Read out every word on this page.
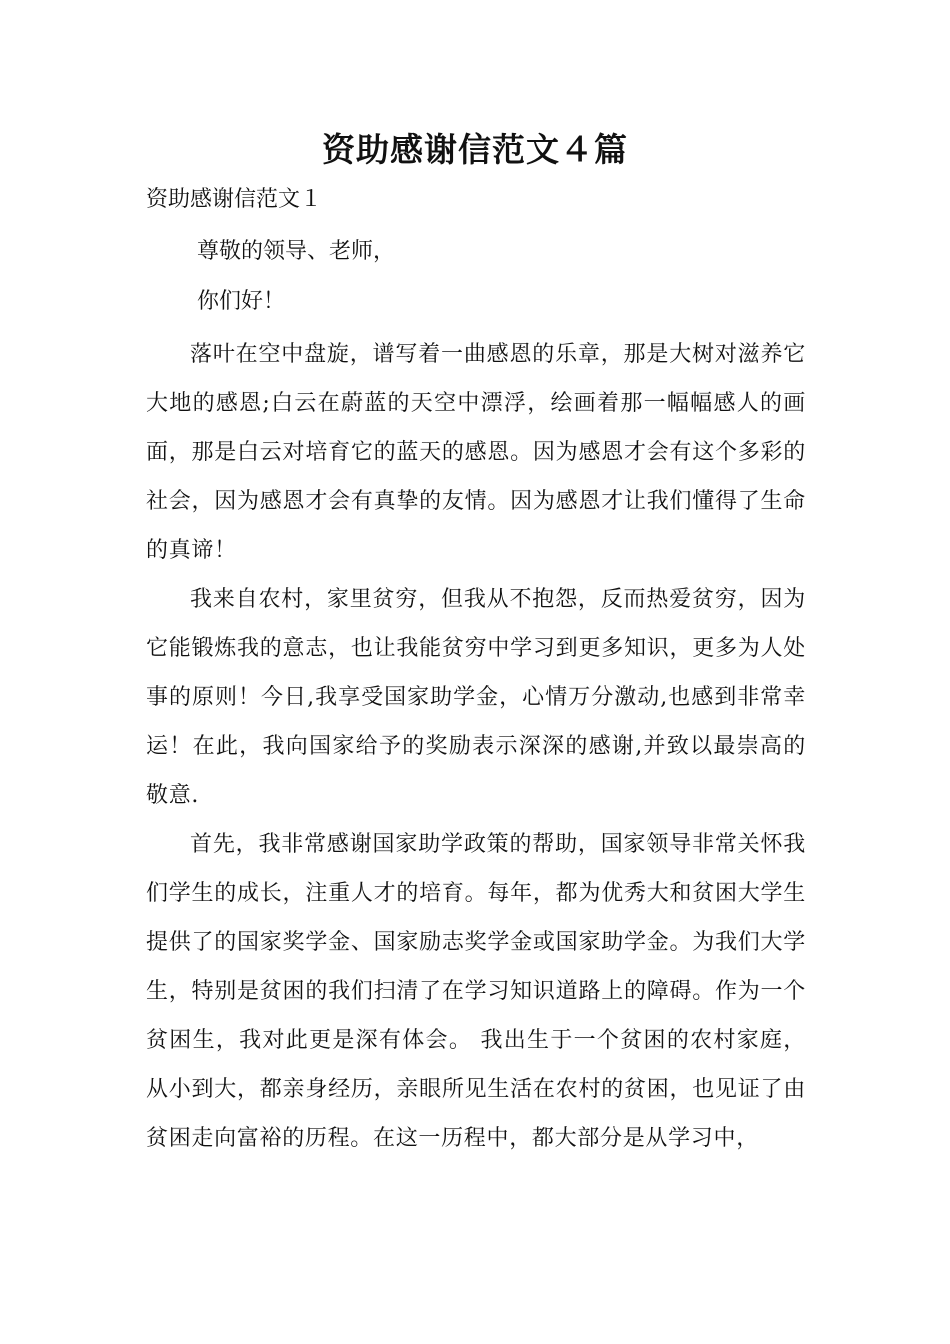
资助感谢信范文４篇
资助感谢信范文１
尊敬的领导、老师，
你们好！

落叶在空中盘旋，谱写着一曲感恩的乐章，那是大树对滋养它大地的感恩;白云在蔚蓝的天空中漂浮，绘画着那一幅幅感人的画面，那是白云对培育它的蓝天的感恩。因为感恩才会有这个多彩的社会，因为感恩才会有真挚的友情。因为感恩才让我们懂得了生命的真谛！

我来自农村，家里贫穷，但我从不抱怨，反而热爱贫穷，因为它能锻炼我的意志，也让我能贫穷中学习到更多知识，更多为人处事的原则！今日,我享受国家助学金，心情万分激动,也感到非常幸运！在此，我向国家给予的奖励表示深深的感谢,并致以最崇高的敬意.

首先，我非常感谢国家助学政策的帮助，国家领导非常关怀我们学生的成长，注重人才的培育。每年，都为优秀大和贫困大学生提供了的国家奖学金、国家励志奖学金或国家助学金。为我们大学生，特别是贫困的我们扫清了在学习知识道路上的障碍。作为一个贫困生，我对此更是深有体会。 我出生于一个贫困的农村家庭，从小到大，都亲身经历，亲眼所见生活在农村的贫困，也见证了由贫困走向富裕的历程。在这一历程中，都大部分是从学习中，
